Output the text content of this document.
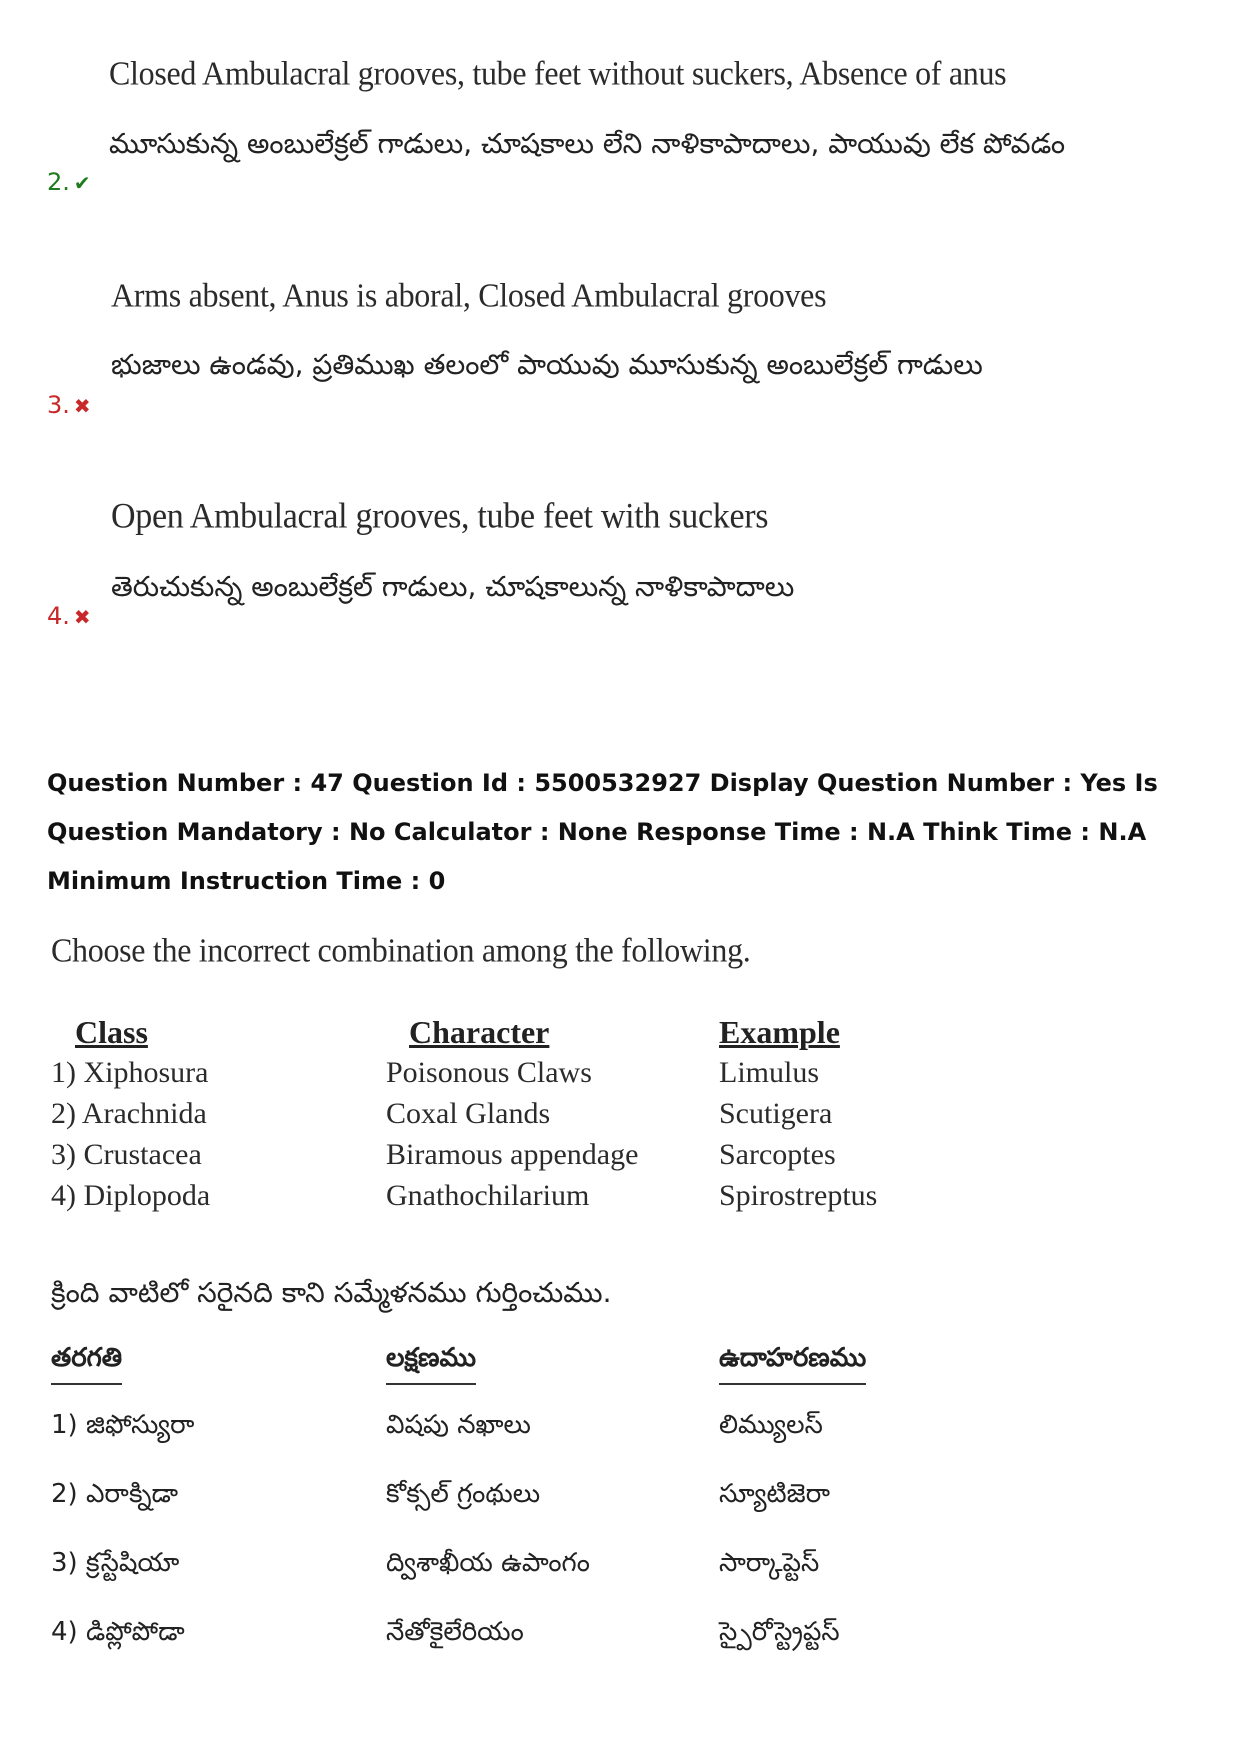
Closed Ambulacral grooves, tube feet without suckers, Absence of anus
మూసుకున్న అంబులేక్రల్ గాడులు, చూషకాలు లేని నాళికాపాదాలు, పాయువు లేక పోవడం
2. ✔
Arms absent, Anus is aboral, Closed Ambulacral grooves
భుజాలు ఉండవు, ప్రతిముఖ తలంలో పాయువు మూసుకున్న అంబులేక్రల్ గాడులు
3. ✖
Open Ambulacral grooves, tube feet with suckers
తెరుచుకున్న అంబులేక్రల్ గాడులు, చూషకాలున్న నాళికాపాదాలు
4. ✖
Question Number : 47 Question Id : 5500532927 Display Question Number : Yes Is Question Mandatory : No Calculator : None Response Time : N.A Think Time : N.A Minimum Instruction Time : 0
Choose the incorrect combination among the following.
Class	Character	Example
1) Xiphosura	Poisonous Claws	Limulus
2) Arachnida	Coxal Glands	Scutigera
3) Crustacea	Biramous appendage	Sarcoptes
4) Diplopoda	Gnathochilarium	Spirostreptus
క్రింది వాటిలో సరైనది కాని సమ్మేళనము గుర్తించుము.
తరగతి	లక్షణము	ఉదాహరణము
1) జిఫోస్యురా	విషపు నఖాలు	లిమ్యులస్
2) ఎరాక్నిడా	కోక్సల్ గ్రంథులు	స్యూటిజెరా
3) క్రస్టేషియా	ద్విశాఖీయ ఉపాంగం	సార్కాప్టెస్
4) డిప్లోపోడా	నేతోకైలేరియం	స్పైరోస్ట్రెప్టస్
